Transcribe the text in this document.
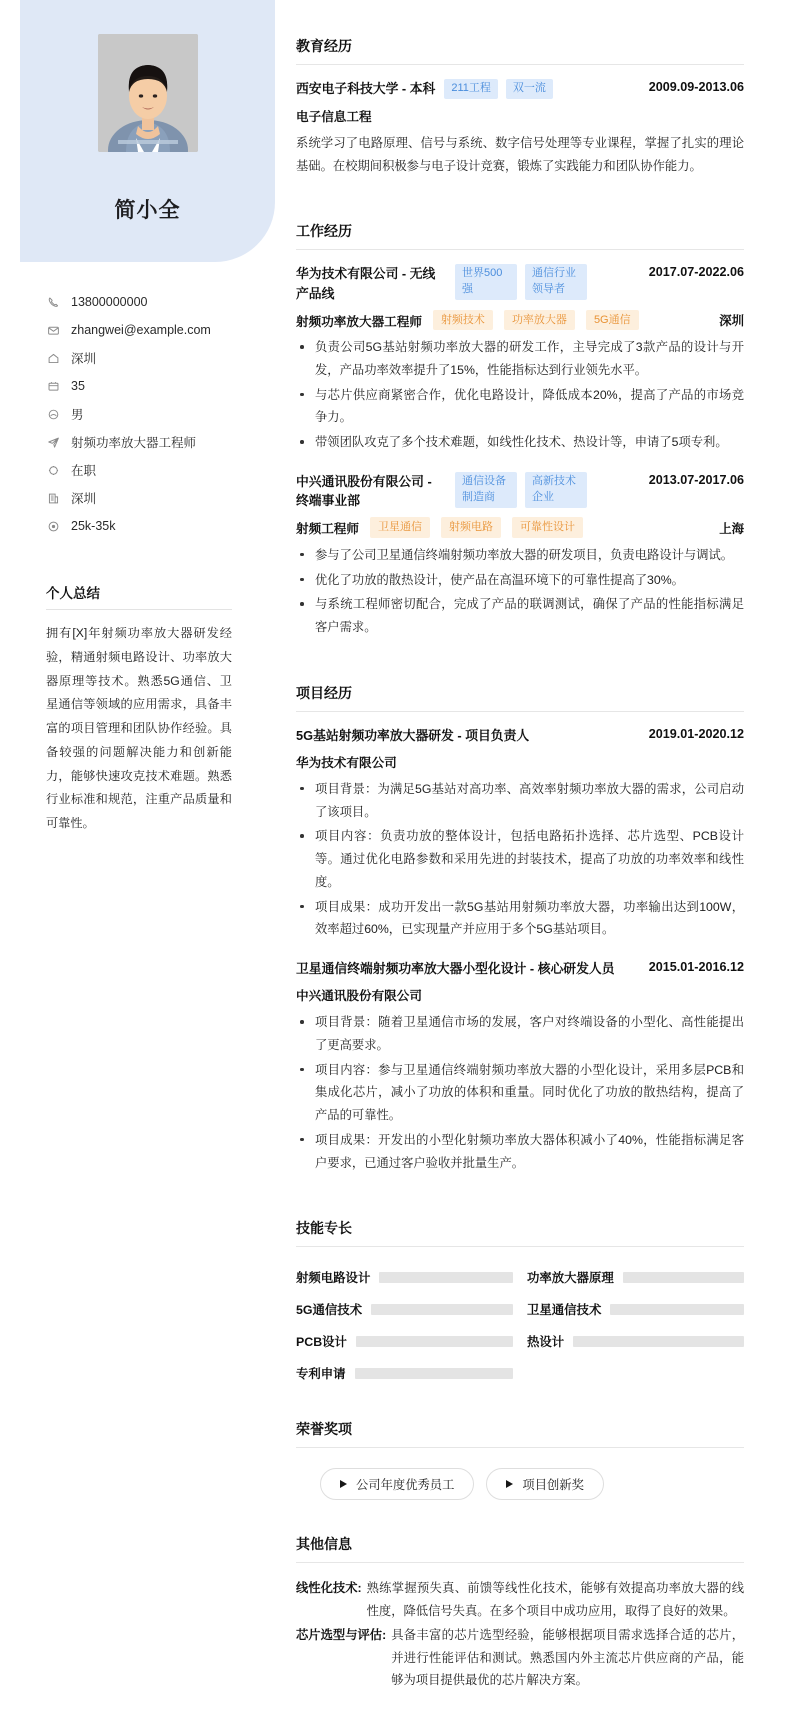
简小全
13800000000
zhangwei@example.com
深圳
35
男
射频功率放大器工程师
在职
深圳
25k-35k
个人总结
拥有[X]年射频功率放大器研发经验，精通射频电路设计、功率放大器原理等技术。熟悉5G通信、卫星通信等领域的应用需求，具备丰富的项目管理和团队协作经验。具备较强的问题解决能力和创新能力，能够快速攻克技术难题。熟悉行业标准和规范，注重产品质量和可靠性。
教育经历
西安电子科技大学 - 本科	211工程	双一流	2009.09-2013.06
电子信息工程
系统学习了电路原理、信号与系统、数字信号处理等专业课程，掌握了扎实的理论基础。在校期间积极参与电子设计竞赛，锻炼了实践能力和团队协作能力。
工作经历
华为技术有限公司 - 无线产品线
世界500强
通信行业领导者
2017.07-2022.06
射频功率放大器工程师	射频技术	功率放大器	5G通信	深圳
负责公司5G基站射频功率放大器的研发工作，主导完成了3款产品的设计与开发，产品功率效率提升了15%，性能指标达到行业领先水平。
与芯片供应商紧密合作，优化电路设计，降低成本20%，提高了产品的市场竞争力。
带领团队攻克了多个技术难题，如线性化技术、热设计等，申请了5项专利。
中兴通讯股份有限公司 - 终端事业部
通信设备制造商
高新技术企业
2013.07-2017.06
射频工程师	卫星通信	射频电路	可靠性设计	上海
参与了公司卫星通信终端射频功率放大器的研发项目，负责电路设计与调试。
优化了功放的散热设计，使产品在高温环境下的可靠性提高了30%。
与系统工程师密切配合，完成了产品的联调测试，确保了产品的性能指标满足客户需求。
项目经历
5G基站射频功率放大器研发 - 项目负责人	2019.01-2020.12
华为技术有限公司
项目背景：为满足5G基站对高功率、高效率射频功率放大器的需求，公司启动了该项目。
项目内容：负责功放的整体设计，包括电路拓扑选择、芯片选型、PCB设计等。通过优化电路参数和采用先进的封装技术，提高了功放的功率效率和线性度。
项目成果：成功开发出一款5G基站用射频功率放大器，功率输出达到100W，效率超过60%，已实现量产并应用于多个5G基站项目。
卫星通信终端射频功率放大器小型化设计 - 核心研发人员	2015.01-2016.12
中兴通讯股份有限公司
项目背景：随着卫星通信市场的发展，客户对终端设备的小型化、高性能提出了更高要求。
项目内容：参与卫星通信终端射频功率放大器的小型化设计，采用多层PCB和集成化芯片，减小了功放的体积和重量。同时优化了功放的散热结构，提高了产品的可靠性。
项目成果：开发出的小型化射频功率放大器体积减小了40%，性能指标满足客户要求，已通过客户验收并批量生产。
技能专长
射频电路设计	功率放大器原理
5G通信技术	卫星通信技术
PCB设计	热设计
专利申请
荣誉奖项
公司年度优秀员工	项目创新奖
其他信息
线性化技术: 熟练掌握预失真、前馈等线性化技术，能够有效提高功率放大器的线性度，降低信号失真。在多个项目中成功应用，取得了良好的效果。
芯片选型与评估: 具备丰富的芯片选型经验，能够根据项目需求选择合适的芯片，并进行性能评估和测试。熟悉国内外主流芯片供应商的产品，能够为项目提供最优的芯片解决方案。
